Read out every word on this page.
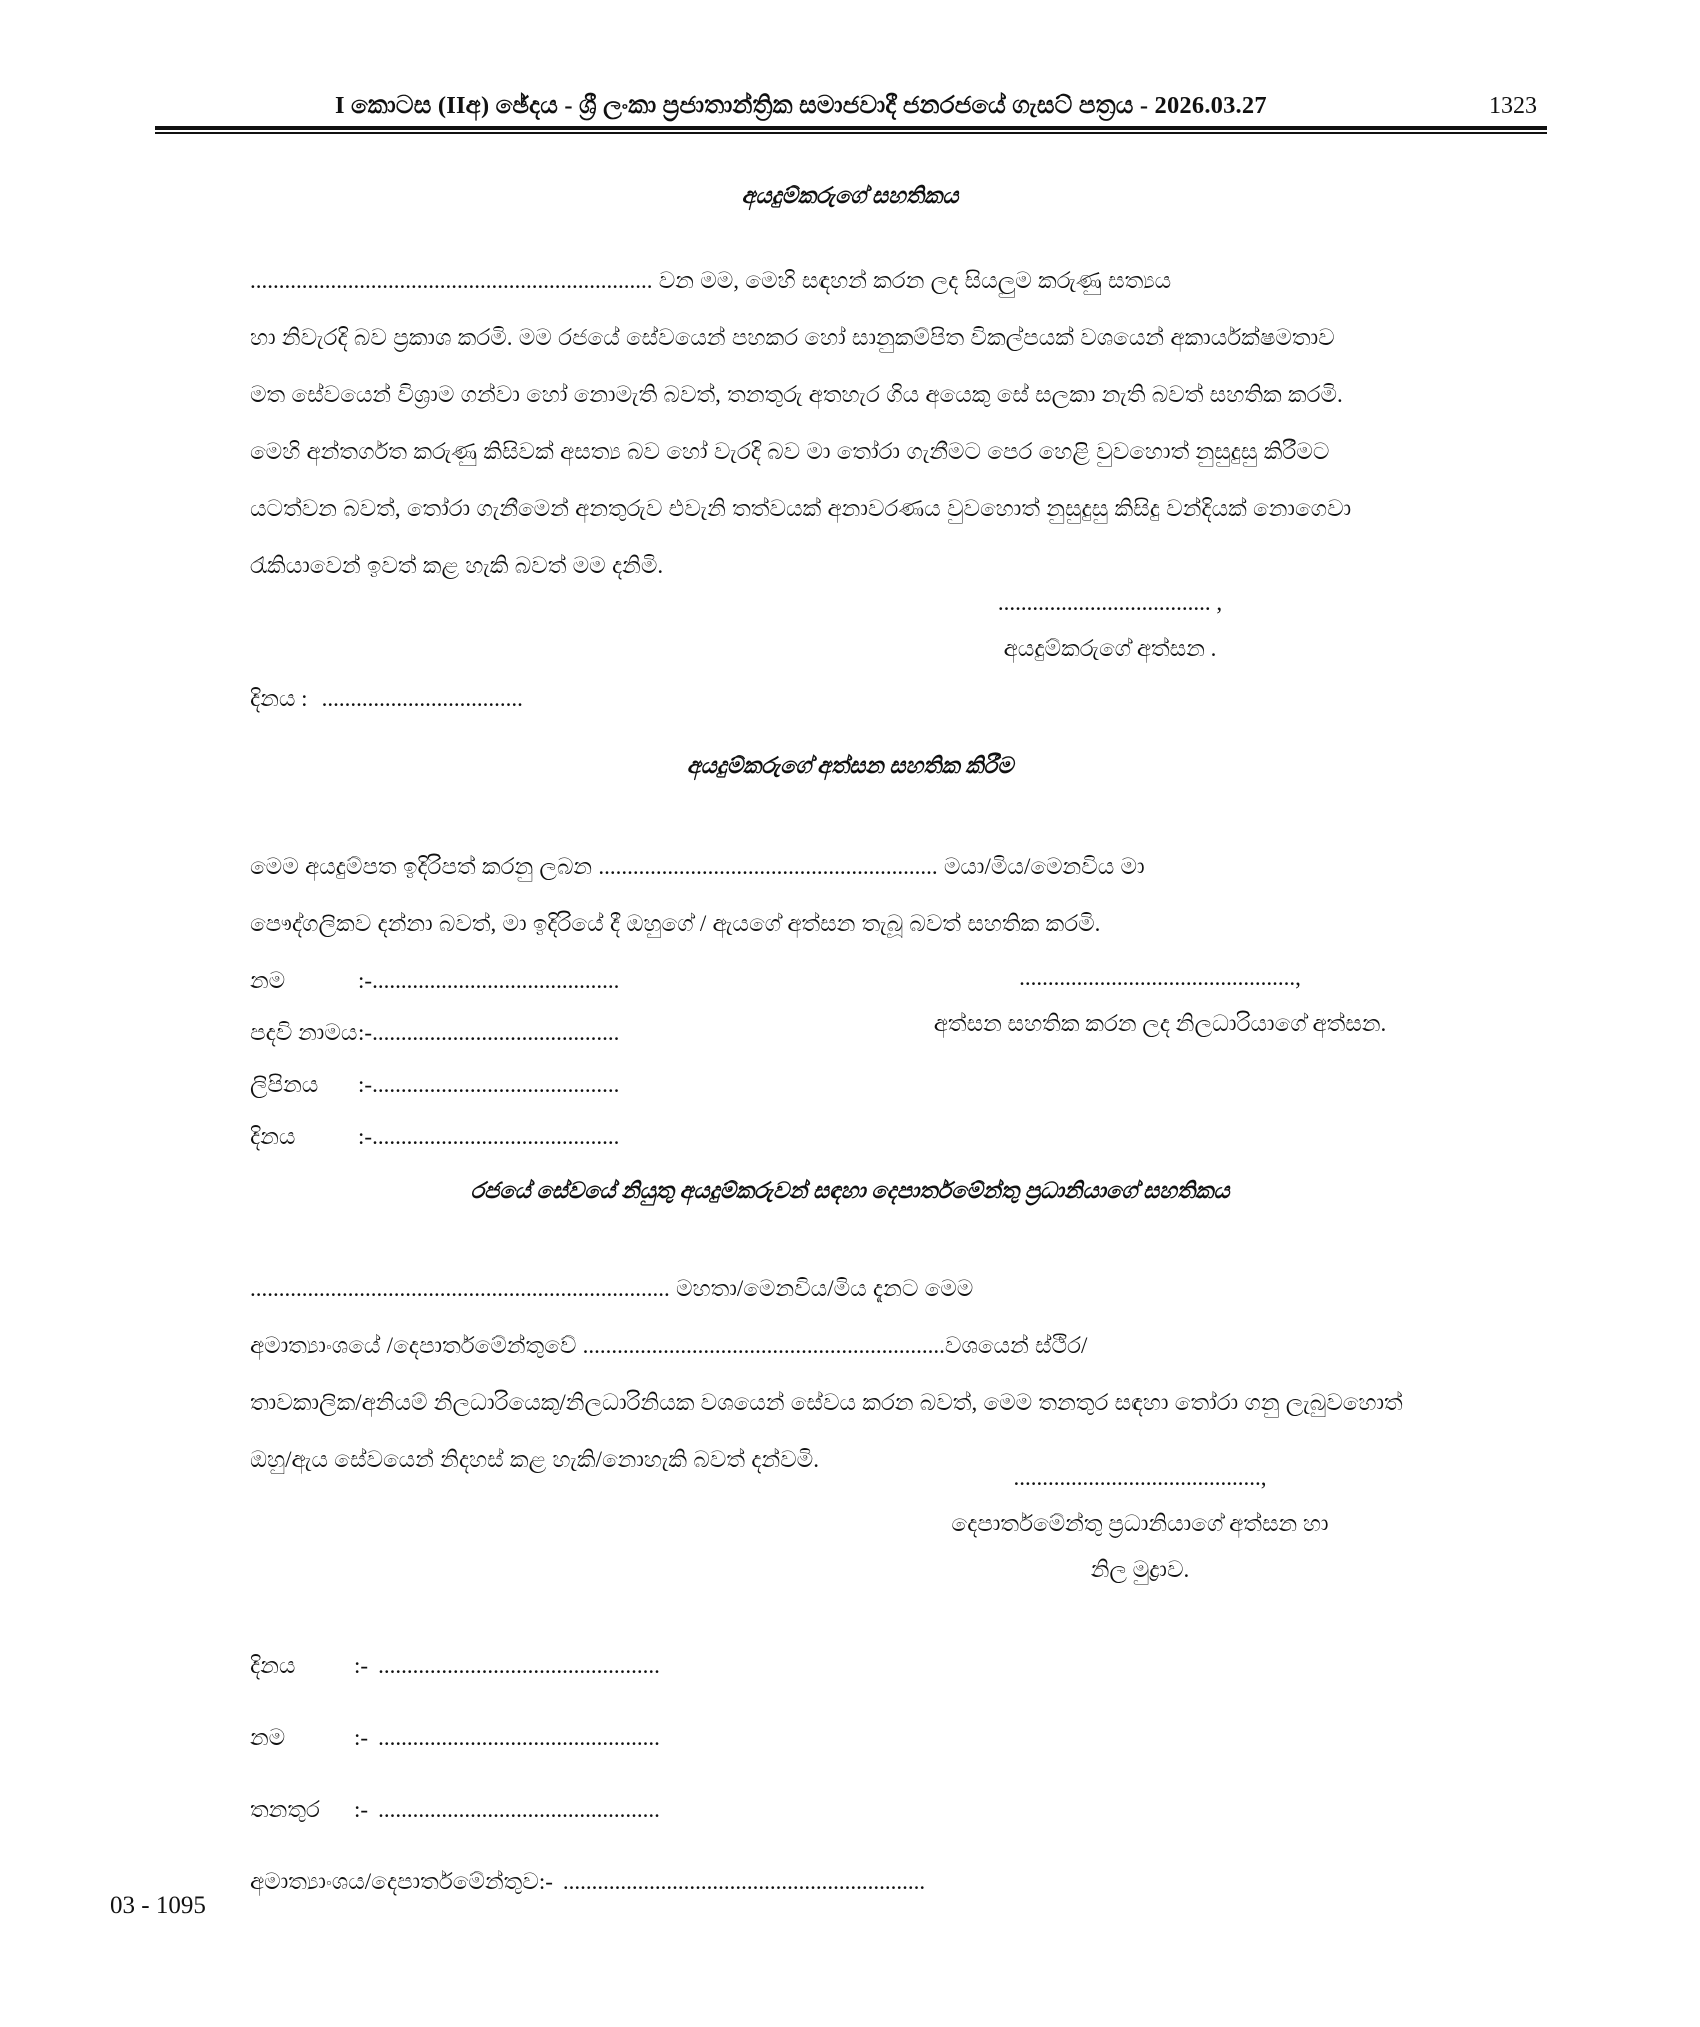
I කොටස (IIඅ) ඡේදය - ශ්‍රී ලංකා ප්‍රජාතාන්ත්‍රික සමාජවාදී ජනරජයේ ගැසට් පත්‍රය - 2026.03.27	1323
අයදුම්කරුගේ සහතිකය
...................................................................... වන මම, මෙහි සඳහන් කරන ලද සියලුම කරුණු සත්‍යය
හා නිවැරදි බව ප්‍රකාශ කරමි. මම රජයේ සේවයෙන් පහකර හෝ සානුකම්පිත විකල්පයක් වශයෙන් අකාර්යක්ෂමතාව
මත සේවයෙන් විශ්‍රාම ගන්වා හෝ නොමැති බවත්, තනතුරු අතහැර ගිය අයෙකු සේ සලකා නැති බවත් සහතික කරමි.
මෙහි අන්තර්ගත කරුණු කිසිවක් අසත්‍ය බව හෝ වැරදි බව මා තෝරා ගැනීමට පෙර හෙළි වුවහොත් නුසුදුසු කිරීමට
යටත්වන බවත්, තෝරා ගැනීමෙන් අනතුරුව එවැනි තත්වයක් අනාවරණය වුවහොත් නුසුදුසු කිසිදු වන්දියක් නොගෙවා
රැකියාවෙන් ඉවත් කළ හැකි බවත් මම දනිමි.
..................................... ,
අයදුම්කරුගේ අත්සන .
දිනය : ...................................
අයදුම්කරුගේ අත්සන සහතික කිරීම
මෙම අයදුම්පත ඉදිරිපත් කරනු ලබන ........................................................... මයා/මිය/මෙනවිය මා
පෞද්ගලිකව දන්නා බවත්, මා ඉදිරියේ දී ඔහුගේ / ඇයගේ අත්සන තැබූ බවත් සහතික කරමි.
නම	:- ...........................................
පදවි නාමය :- ...........................................
ලිපිනය	:- ...........................................
දිනය	:- ...........................................
................................................,
අත්සන සහතික කරන ලද නිලධාරියාගේ අත්සන.
රජයේ සේවයේ නියුතු අයදුම්කරුවන් සඳහා දෙපාර්තමේන්තු ප්‍රධානියාගේ සහතිකය
......................................................................... මහතා/මෙනවිය/මිය දැනට මෙම
අමාත්‍යාංශයේ /දෙපාර්තමේන්තුවේ ...............................................................වශයෙන් ස්ථිර/
තාවකාලික/අනියම් නිලධාරියෙකු/නිලධාරිනියක වශයෙන් සේවය කරන බවත්, මෙම තනතුර සඳහා තෝරා ගනු ලැබුවහොත්
ඔහු/ඇය සේවයෙන් නිදහස් කළ හැකි/නොහැකි බවත් දන්වමි.
...........................................,
දෙපාර්තමේන්තු ප්‍රධානියාගේ අත්සන හා
නිල මුද්‍රාව.
දිනය	:- .................................................
නම	:- .................................................
තනතුර	:- .................................................
අමාත්‍යාංශය/දෙපාර්තමේන්තුව :- ...............................................................
03 - 1095
